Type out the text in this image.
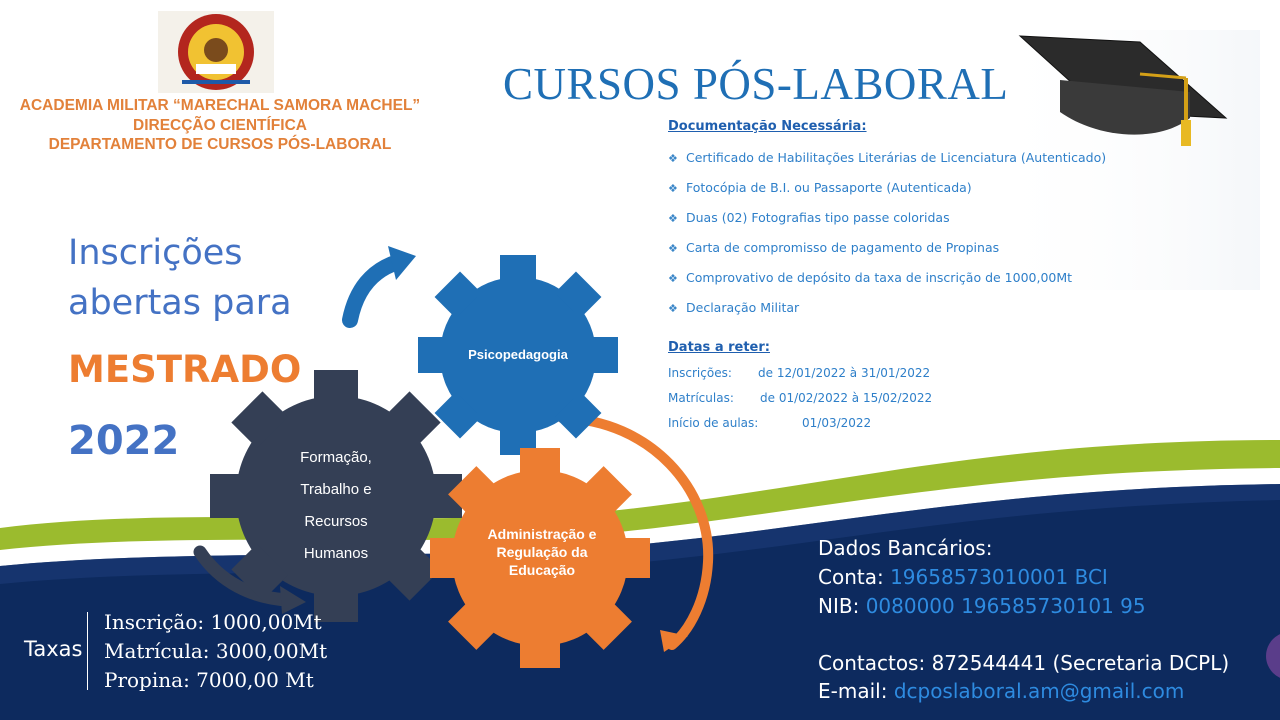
ACADEMIA MILITAR “MARECHAL SAMORA MACHEL”
DIRECÇÃO CIENTÍFICA
DEPARTAMENTO DE CURSOS PÓS-LABORAL
CURSOS PÓS-LABORAL
Documentação Necessária:
❖ Certificado de Habilitações Literárias de Licenciatura (Autenticado)
❖ Fotocópia de B.I. ou Passaporte (Autenticada)
❖ Duas (02) Fotografias tipo passe coloridas
❖ Carta de compromisso de pagamento de Propinas
❖ Comprovativo de depósito da taxa de inscrição de 1000,00Mt
❖ Declaração Militar
Datas a reter:
Inscrições: de 12/01/2022 à 31/01/2022
Matrículas: de 01/02/2022 à 15/02/2022
Início de aulas:	01/03/2022
Inscrições
abertas para
MESTRADO
2022
Psicopedagogia
Formação,
Trabalho e
Recursos
Humanos
Administração e
Regulação da
Educação
Taxas
Inscrição: 1000,00Mt
Matrícula: 3000,00Mt
Propina: 7000,00 Mt
Dados Bancários:
Conta: 19658573010001 BCI
NIB: 0080000 196585730101 95
Contactos: 872544441 (Secretaria DCPL)
E-mail: dcposlaboral.am@gmail.com
